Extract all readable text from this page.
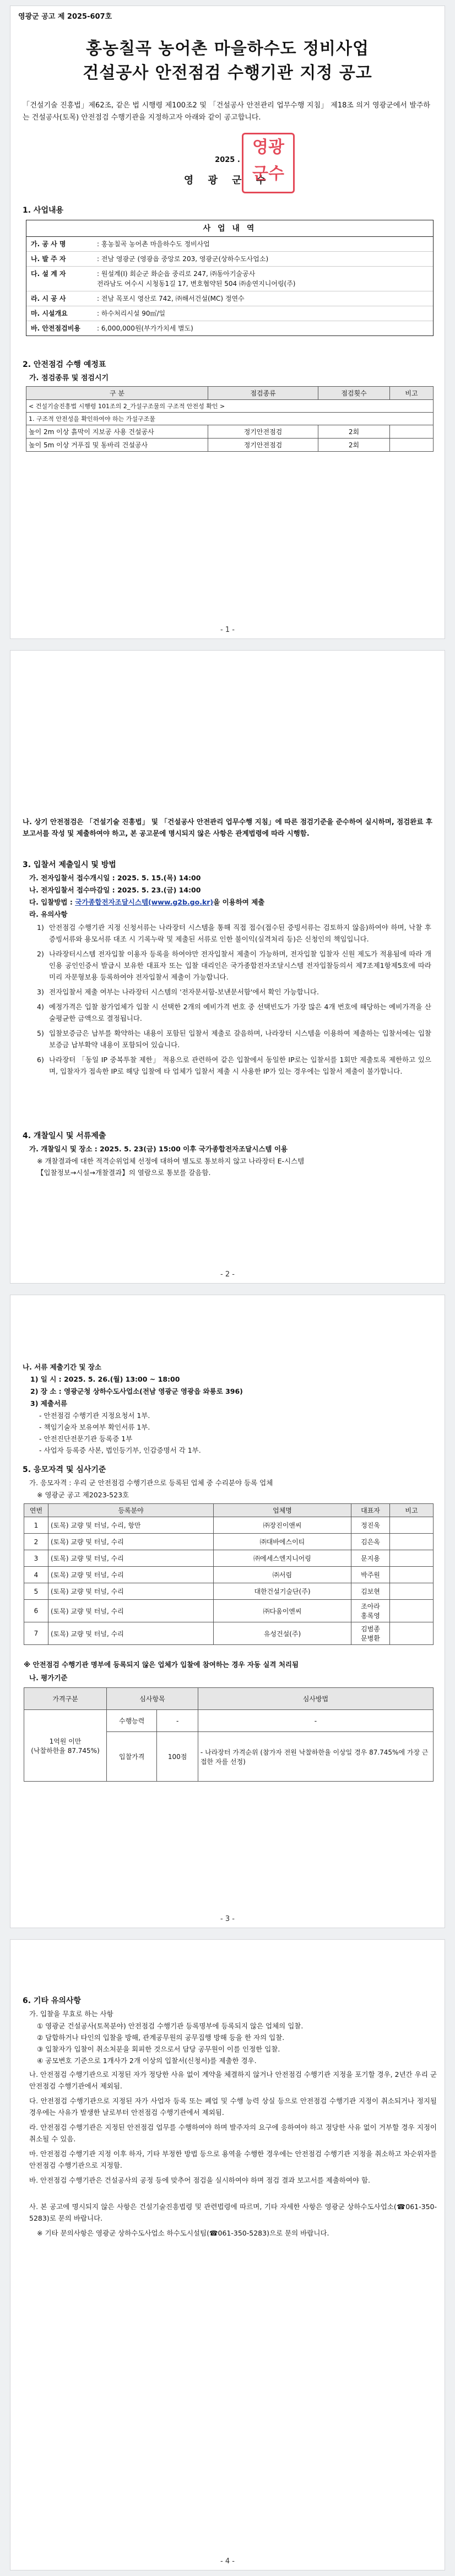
영광군 공고 제 2025-607호
홍농칠곡 농어촌 마을하수도 정비사업
건설공사 안전점검 수행기관 지정 공고
「건설기술 진흥법」제62조, 같은 법 시행령 제100조2 및 「건설공사 안전관리 업무수행 지침」 제18조 의거 영광군에서 발주하는 건설공사(토목) 안전점검 수행기관을 지정하고자 아래와 같이 공고합니다.
2025 .
영 광 군 수
영광
군수
1. 사업내용
사 업 내 역
가. 공 사 명	: 홍농칠곡 농어촌 마을하수도 정비사업
나. 발 주 자	: 전남 영광군 (영광읍 중앙로 203, 영광군(상하수도사업소)
다. 설 계 자	: 원설계(Ⅰ) 회순군 화순읍 중리로 247, ㈜동아기술공사
전라남도 여수시 시청동1길 17, 변호협약된 504 ㈜송연지니어링(주)
라. 시 공 사	: 전남 목포시 영산로 742, ㈜해서건설(MC) 정연수
마. 시설개요	: 하수처리시설 90㎥/일
바. 안전점검비용	: 6,000,000원(부가가치세 별도)
2. 안전점검 수행 예정표
가. 점검종류 및 점검시기
구 분	점검종류	점검횟수	비고
< 건설기술진흥법 시행령 101조의 2_가설구조물의 구조적 안전성 확인 >			
1. 구조적 안전성을 확인하여야 하는 가설구조물			
높이 2m 이상 흙막이 지보공 사용 건설공사	정기안전점검	2회	
높이 5m 이상 거푸집 및 동바리 건설공사	정기안전점검	2회	
- 1 -
나. 상기 안전점검은 「건설기술 진흥법」 및 「건설공사 안전관리 업무수행 지침」에 따른 점검기준을 준수하여 실시하며, 점검완료 후 보고서를 작성 및 제출하여야 하고, 본 공고문에 명시되지 않은 사항은 관계법령에 따라 시행함.
3. 입찰서 제출일시 및 방법
가. 전자입찰서 접수개시일 : 2025. 5. 15.(목) 14:00
나. 전자입찰서 접수마감일 : 2025. 5. 23.(금) 14:00
다. 입찰방법 : 국가종합전자조달시스템(www.g2b.go.kr)을 이용하여 제출
라. 유의사항
1) 안전점검 수행기관 지정 신청서류는 나라장터 시스템을 통해 직접 접수(접수된 증빙서류는 검토하지 않음)하여야 하며, 낙찰 후 증빙서류와 용모서류 대조 시 기록누락 및 제출된 서류로 인한 불이익(실격처리 등)은 신청인의 책임입니다.
2) 나라장터시스템 전자입찰 이용자 등록을 하여야만 전자입찰서 제출이 가능하며, 전자입찰 입찰자 신원 제도가 적용됨에 따라 개인용 공인인증서 발급시 보유한 대표자 또는 입찰 대리인은 국가종합전자조달시스템 전자입찰등의서 제7조제1항제5호에 따라 미리 자문형보용 등록하여야 전자입찰서 제출이 가능합니다.
3) 전자입찰서 제출 여부는 나라장터 시스템의 '전자문서함-보낸문서함'에서 확인 가능합니다.
4) 예정가격은 입찰 참가업체가 입찰 시 선택한 2개의 예비가격 번호 중 선택빈도가 가장 많은 4개 번호에 해당하는 예비가격을 산술평균한 금액으로 결정됩니다.
5) 입찰보증금은 납부를 확약하는 내용이 포함된 입찰서 제출로 갈음하며, 나라장터 시스템을 이용하여 제출하는 입찰서에는 입찰보증금 납부확약 내용이 포함되어 있습니다.
6) 나라장터 「동일 IP 중복투찰 제한」 적용으로 관련하여 같은 입찰에서 동일한 IP로는 입찰서를 1회만 제출토록 제한하고 있으며, 입찰자가 접속한 IP로 해당 입찰에 타 업체가 입찰서 제출 시 사용한 IP가 있는 경우에는 입찰서 제출이 불가합니다.
4. 개찰일시 및 서류제출
가. 개찰일시 및 장소 : 2025. 5. 23(금) 15:00 이후 국가종합전자조달시스템 이용
※ 개찰결과에 대한 적격순위업체 선정에 대하여 별도로 통보하지 않고 나라장터 E-시스템
【입찰정보→시설→개찰결과】의 열람으로 통보를 갈음함.
- 2 -
나. 서류 제출기간 및 장소
1) 일 시 : 2025. 5. 26.(월) 13:00 ~ 18:00
2) 장 소 : 영광군청 상하수도사업소(전남 영광군 영광읍 와룡로 396)
3) 제출서류
- 안전점검 수행기관 지정요청서 1부.
- 책임기술자 보유여부 확인서류 1부.
- 안전진단전문기관 등록증 1부
- 사업자 등록증 사본, 법인등기부, 인감증명서 각 1부.
5. 응모자격 및 심사기준
가. 응모자격 : 우리 군 안전점검 수행기관으로 등록된 업체 중 수리분야 등록 업체
※ 영광군 공고 제2023-523호
연번	등록분야	업체명	대표자	비고
1	(토목) 교량 및 터널, 수리, 항만	㈜장진이앤씨	정진욱	
2	(토목) 교량 및 터널, 수리	㈜대바에스이티	김은옥	
3	(토목) 교량 및 터널, 수리	㈜에세스엔지니어링	문지용	
4	(토목) 교량 및 터널, 수리	㈜서림	박주원	
5	(토목) 교량 및 터널, 수리	대한건설기술단(주)	김보현	
6	(토목) 교량 및 터널, 수리	㈜다움이엔씨	조아라
홍록영	
7	(토목) 교량 및 터널, 수리	유성건설(주)	김범종
문병환	
※ 안전점검 수행기관 명부에 등록되지 않은 업체가 입찰에 참여하는 경우 자동 실격 처리됨
나. 평가기준
가격구분	심사항목		심사방법
1억원 이만
(낙찰하한율 87.745%)	수행능력	-	-
	입찰가격	100점	- 나라장터 가격순위 (참가자 전원 낙찰하한율 이상일 경우 87.745%에 가장 근접한 자를 선정)
- 3 -
6. 기타 유의사항
가. 입찰을 무효로 하는 사항
① 영광군 건설공사(토목분야) 안전점검 수행기관 등록명부에 등록되지 않은 업체의 입찰.
② 담합하거나 타인의 입찰을 방해, 관계공무원의 공무집행 방해 등을 한 자의 입찰.
③ 입찰자가 입찰이 취소처분을 회피한 것으로서 담당 공무원이 이를 인정한 입찰.
④ 공모변호 기준으로 1개사가 2개 이상의 입찰서(신청서)를 제출한 경우.
나. 안전점검 수행기관으로 지정된 자가 정당한 사유 없이 계약을 체결하지 않거나 안전점검 수행기관 지정을 포기할 경우, 2년간 우리 군 안전점검 수행기관에서 제외됨.
다. 안전점검 수행기관으로 지정된 자가 사업자 등록 또는 폐업 및 수행 능력 상실 등으로 안전점검 수행기관 지정이 취소되거나 정지될 경우에는 사유가 발생한 날로부터 안전점검 수행기관에서 제외됨.
라. 안전점검 수행기관은 지정된 안전점검 업무를 수행하여야 하며 발주자의 요구에 응하여야 하고 정당한 사유 없이 거부할 경우 지정이 취소될 수 있음.
마. 안전점검 수행기관 지정 이후 하자, 기타 부정한 방법 등으로 용역을 수행한 경우에는 안전점검 수행기관 지정을 취소하고 차순위자를 안전점검 수행기관으로 지정함.
바. 안전점검 수행기관은 건설공사의 공정 등에 맞추어 점검을 실시하여야 하며 점검 결과 보고서를 제출하여야 함.
사. 본 공고에 명시되지 않은 사항은 건설기술진흥법령 및 관련법령에 따르며, 기타 자세한 사항은 영광군 상하수도사업소(☎061-350-5283)로 문의 바랍니다.
※ 기타 문의사항은 영광군 상하수도사업소 하수도시설팀(☎061-350-5283)으로 문의 바랍니다.
- 4 -
